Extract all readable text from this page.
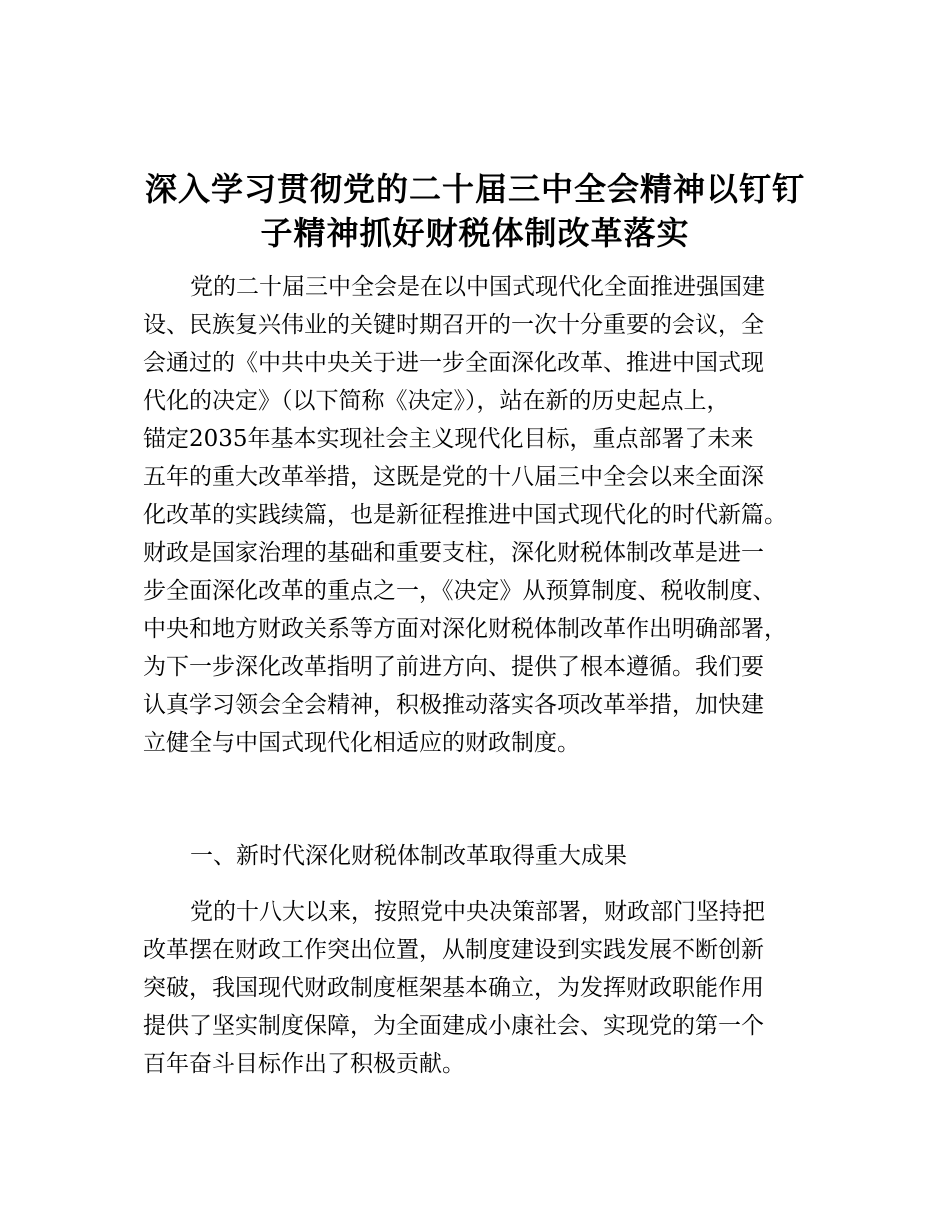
深入学习贯彻党的二十届三中全会精神以钉钉
子精神抓好财税体制改革落实
党的二十届三中全会是在以中国式现代化全面推进强国建
设、民族复兴伟业的关键时期召开的一次十分重要的会议，全
会通过的《中共中央关于进一步全面深化改革、推进中国式现
代化的决定》（以下简称《决定》），站在新的历史起点上，
锚定2035年基本实现社会主义现代化目标，重点部署了未来
五年的重大改革举措，这既是党的十八届三中全会以来全面深
化改革的实践续篇，也是新征程推进中国式现代化的时代新篇。
财政是国家治理的基础和重要支柱，深化财税体制改革是进一
步全面深化改革的重点之一，《决定》从预算制度、税收制度、
中央和地方财政关系等方面对深化财税体制改革作出明确部署，
为下一步深化改革指明了前进方向、提供了根本遵循。我们要
认真学习领会全会精神，积极推动落实各项改革举措，加快建
立健全与中国式现代化相适应的财政制度。
一、新时代深化财税体制改革取得重大成果
党的十八大以来，按照党中央决策部署，财政部门坚持把
改革摆在财政工作突出位置，从制度建设到实践发展不断创新
突破，我国现代财政制度框架基本确立，为发挥财政职能作用
提供了坚实制度保障，为全面建成小康社会、实现党的第一个
百年奋斗目标作出了积极贡献。
